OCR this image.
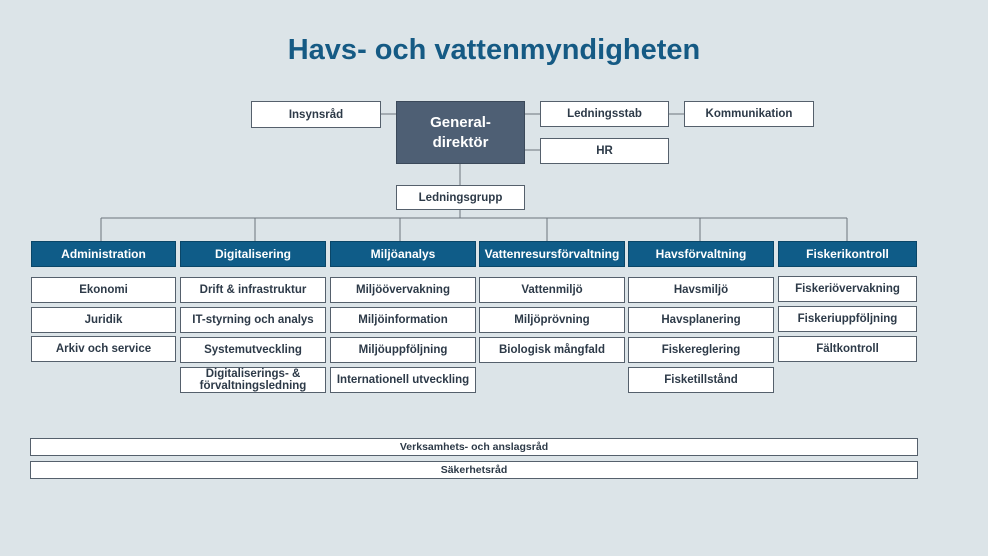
Havs- och vattenmyndigheten
Insynsråd	General-
direktör
Ledningsstab	Kommunikation
HR
Ledningsgrupp
Administration	Digitalisering	Miljöanalys	Vattenresursförvaltning	Havsförvaltning	Fiskerikontroll
Ekonomi
Juridik
Arkiv och service
Drift & infrastruktur
IT-styrning och analys
Systemutveckling
Digitaliserings- & förvaltningsledning
Miljöövervakning
Miljöinformation
Miljöuppföljning
Internationell utveckling
Vattenmiljö
Miljöprövning
Biologisk mångfald
Havsmiljö
Havsplanering
Fiskereglering
Fisketillstånd
Fiskeriövervakning
Fiskeriuppföljning
Fältkontroll
Verksamhets- och anslagsråd
Säkerhetsråd
